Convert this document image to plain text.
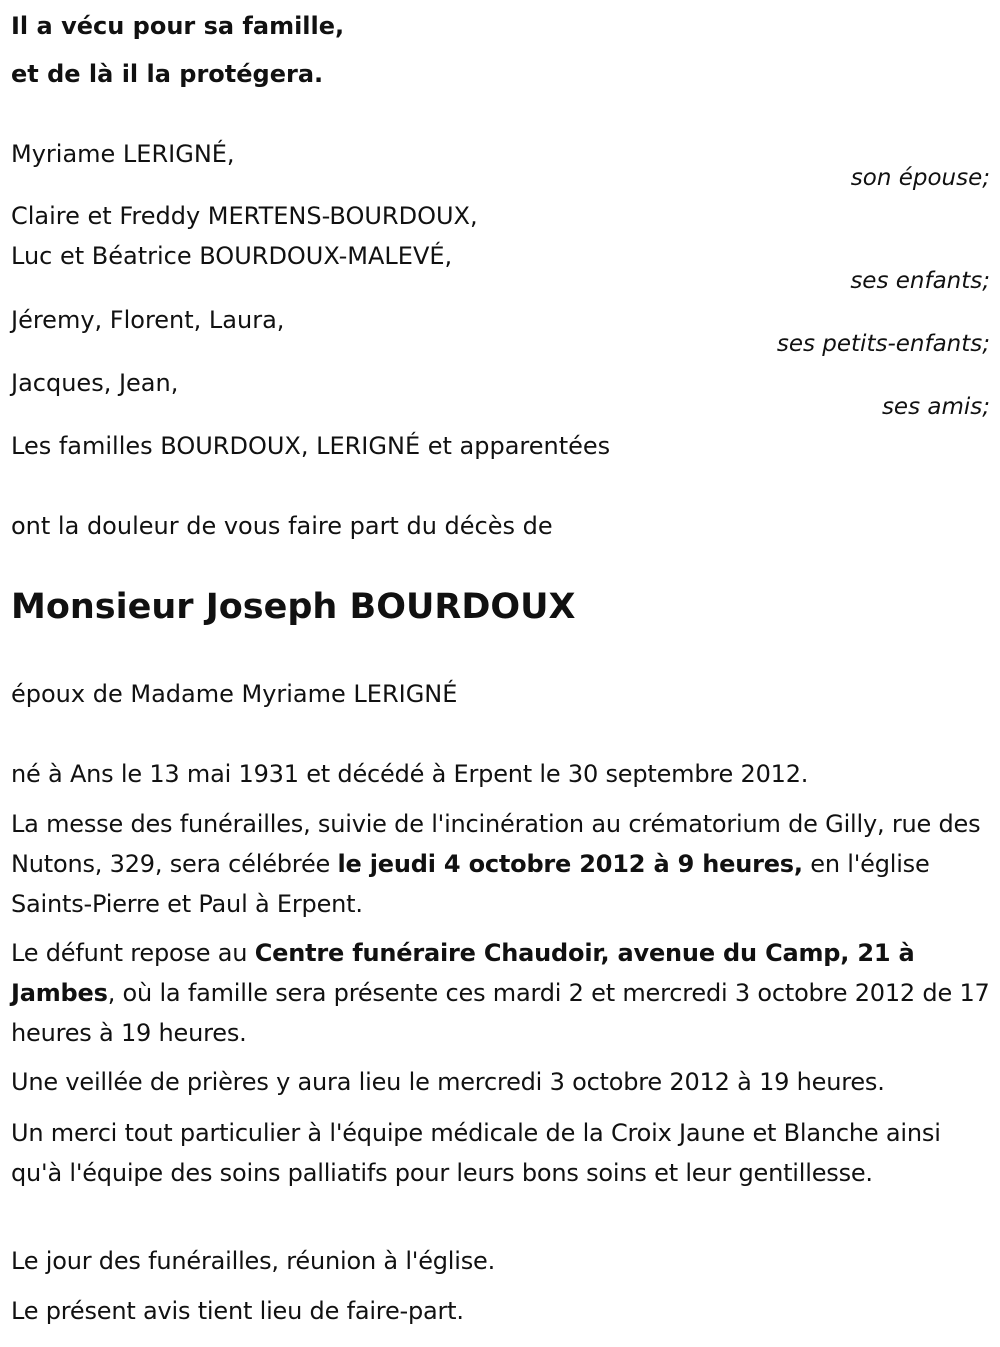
Il a vécu pour sa famille,
et de là il la protégera.
Myriame LERIGNÉ,
son épouse;
Claire et Freddy MERTENS-BOURDOUX,
Luc et Béatrice BOURDOUX-MALEVÉ,
ses enfants;
Jéremy, Florent, Laura,
ses petits-enfants;
Jacques, Jean,
ses amis;
Les familles BOURDOUX, LERIGNÉ et apparentées
ont la douleur de vous faire part du décès de
Monsieur Joseph BOURDOUX
époux de Madame Myriame LERIGNÉ
né à Ans le 13 mai 1931 et décédé à Erpent le 30 septembre 2012.
La messe des funérailles, suivie de l'incinération au crématorium de Gilly, rue des Nutons, 329, sera célébrée le jeudi 4 octobre 2012 à 9 heures, en l'église Saints-Pierre et Paul à Erpent.
Le défunt repose au Centre funéraire Chaudoir, avenue du Camp, 21 à Jambes, où la famille sera présente ces mardi 2 et mercredi 3 octobre 2012 de 17 heures à 19 heures.
Une veillée de prières y aura lieu le mercredi 3 octobre 2012 à 19 heures.
Un merci tout particulier à l'équipe médicale de la Croix Jaune et Blanche ainsi qu'à l'équipe des soins palliatifs pour leurs bons soins et leur gentillesse.
Le jour des funérailles, réunion à l'église.
Le présent avis tient lieu de faire-part.
